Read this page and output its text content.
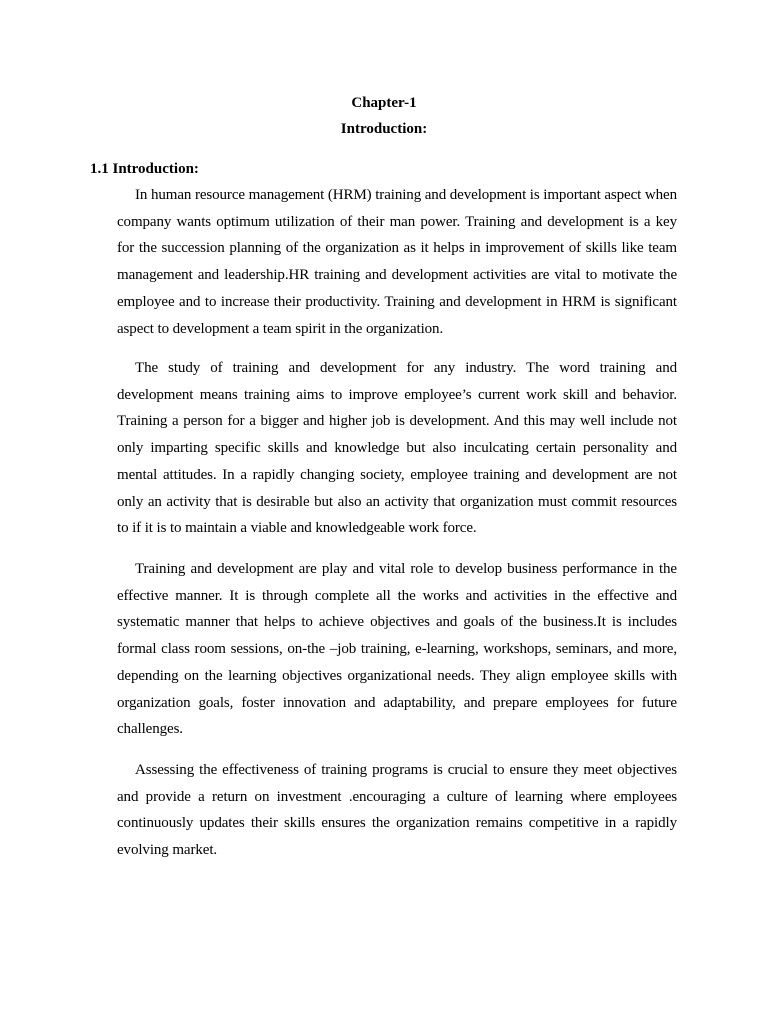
Chapter-1
Introduction:
1.1 Introduction:

In human resource management (HRM) training and development is important aspect when company wants optimum utilization of their man power. Training and development is a key for the succession planning of the organization as it helps in improvement of skills like team management and leadership.HR training and development activities are vital to motivate the employee and to increase their productivity. Training and development in HRM is significant aspect to development a team spirit in the organization.

The study of training and development for any industry. The word training and development means training aims to improve employee’s current work skill and behavior. Training a person for a bigger and higher job is development. And this may well include not only imparting specific skills and knowledge but also inculcating certain personality and mental attitudes. In a rapidly changing society, employee training and development are not only an activity that is desirable but also an activity that organization must commit resources to if it is to maintain a viable and knowledgeable work force.

Training and development are play and vital role to develop business performance in the effective manner. It is through complete all the works and activities in the effective and systematic manner that helps to achieve objectives and goals of the business.It is includes formal class room sessions, on-the –job training, e-learning, workshops, seminars, and more, depending on the learning objectives organizational needs. They align employee skills with organization goals, foster innovation and adaptability, and prepare employees for future challenges.

Assessing the effectiveness of training programs is crucial to ensure they meet objectives and provide a return on investment .encouraging a culture of learning where employees continuously updates their skills ensures the organization remains competitive in a rapidly evolving market.
